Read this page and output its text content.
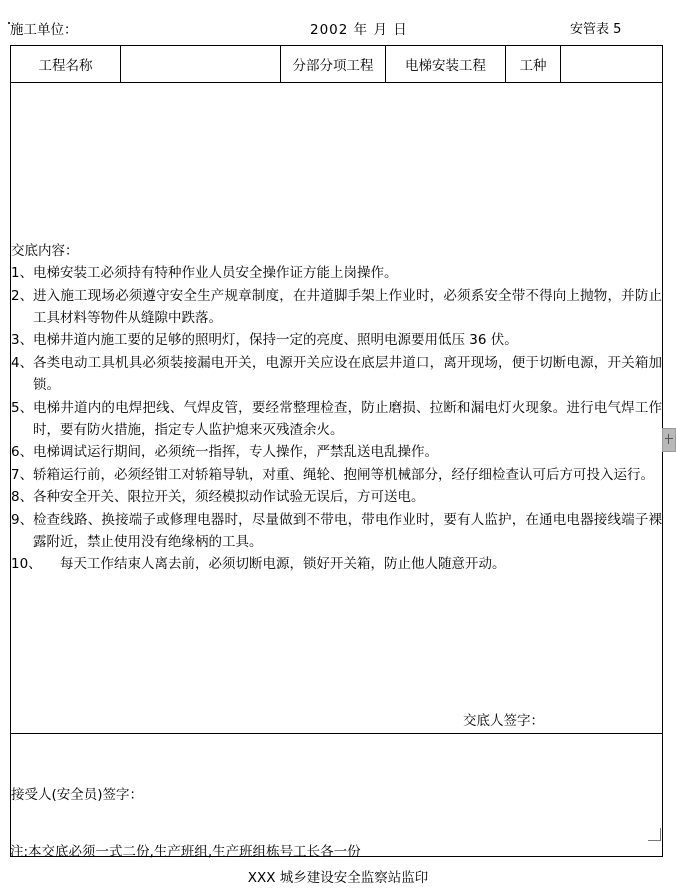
施工单位：	2002 年 月 日	安管表 5
工程名称		分部分项工程	电梯安装工程	工种	

交底内容：
1、 电梯安装工必须持有特种作业人员安全操作证方能上岗操作。
2、 进入施工现场必须遵守安全生产规章制度，在井道脚手架上作业时，必须系安全带不得向上抛物，并防止工具材料等物件从缝隙中跌落。
3、 电梯井道内施工要的足够的照明灯，保持一定的亮度、照明电源要用低压 36 伏。
4、 各类电动工具机具必须装接漏电开关，电源开关应设在底层井道口，离开现场，便于切断电源，开关箱加锁。
5、 电梯井道内的电焊把线、气焊皮管，要经常整理检查，防止磨损、拉断和漏电灯火现象。进行电气焊工作时，要有防火措施，指定专人监护熄来灭残渣余火。
6、 电梯调试运行期间，必须统一指挥，专人操作，严禁乱送电乱操作。
7、 轿箱运行前，必须经钳工对轿箱导轨，对重、绳轮、抱闸等机械部分，经仔细检查认可后方可投入运行。
8、 各种安全开关、限拉开关，须经模拟动作试验无误后，方可送电。
9、 检查线路、换接端子或修理电器时，尽量做到不带电，带电作业时，要有人监护，在通电电器接线端子裸露附近，禁止使用没有绝缘柄的工具。
10、
　　每天工作结束人离去前，必须切断电源，锁好开关箱，防止他人随意开动。
交底人签字：

接受人(安全员)签字：
注:本交底必须一式二份,生产班组,生产班组栋号工长各一份
XXX 城乡建设安全监察站监印
